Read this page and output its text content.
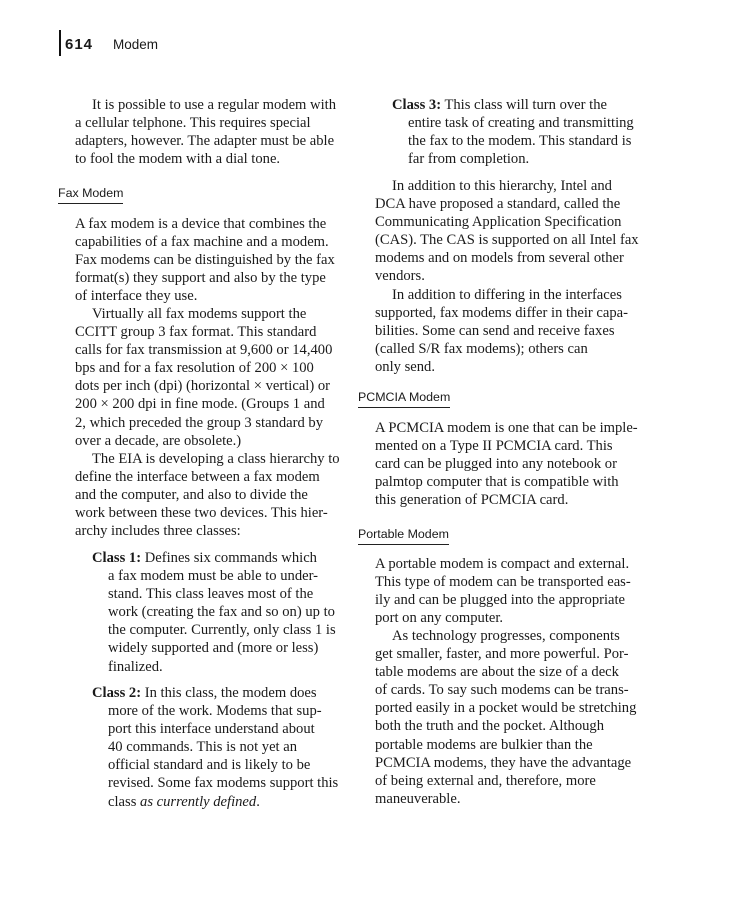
614 Modem
It is possible to use a regular modem with
a cellular telphone. This requires special
adapters, however. The adapter must be able
to fool the modem with a dial tone.
Fax Modem
A fax modem is a device that combines the
capabilities of a fax machine and a modem.
Fax modems can be distinguished by the fax
format(s) they support and also by the type
of interface they use.
Virtually all fax modems support the
CCITT group 3 fax format. This standard
calls for fax transmission at 9,600 or 14,400
bps and for a fax resolution of 200 × 100
dots per inch (dpi) (horizontal × vertical) or
200 × 200 dpi in fine mode. (Groups 1 and
2, which preceded the group 3 standard by
over a decade, are obsolete.)
The EIA is developing a class hierarchy to
define the interface between a fax modem
and the computer, and also to divide the
work between these two devices. This hier-
archy includes three classes:
Class 1: Defines six commands which
a fax modem must be able to under-
stand. This class leaves most of the
work (creating the fax and so on) up to
the computer. Currently, only class 1 is
widely supported and (more or less)
finalized.
Class 2: In this class, the modem does
more of the work. Modems that sup-
port this interface understand about
40 commands. This is not yet an
official standard and is likely to be
revised. Some fax modems support this
class as currently defined.
Class 3: This class will turn over the
entire task of creating and transmitting
the fax to the modem. This standard is
far from completion.
In addition to this hierarchy, Intel and
DCA have proposed a standard, called the
Communicating Application Specification
(CAS). The CAS is supported on all Intel fax
modems and on models from several other
vendors.
In addition to differing in the interfaces
supported, fax modems differ in their capa-
bilities. Some can send and receive faxes
(called S/R fax modems); others can
only send.
PCMCIA Modem
A PCMCIA modem is one that can be imple-
mented on a Type II PCMCIA card. This
card can be plugged into any notebook or
palmtop computer that is compatible with
this generation of PCMCIA card.
Portable Modem
A portable modem is compact and external.
This type of modem can be transported eas-
ily and can be plugged into the appropriate
port on any computer.
As technology progresses, components
get smaller, faster, and more powerful. Por-
table modems are about the size of a deck
of cards. To say such modems can be trans-
ported easily in a pocket would be stretching
both the truth and the pocket. Although
portable modems are bulkier than the
PCMCIA modems, they have the advantage
of being external and, therefore, more
maneuverable.
